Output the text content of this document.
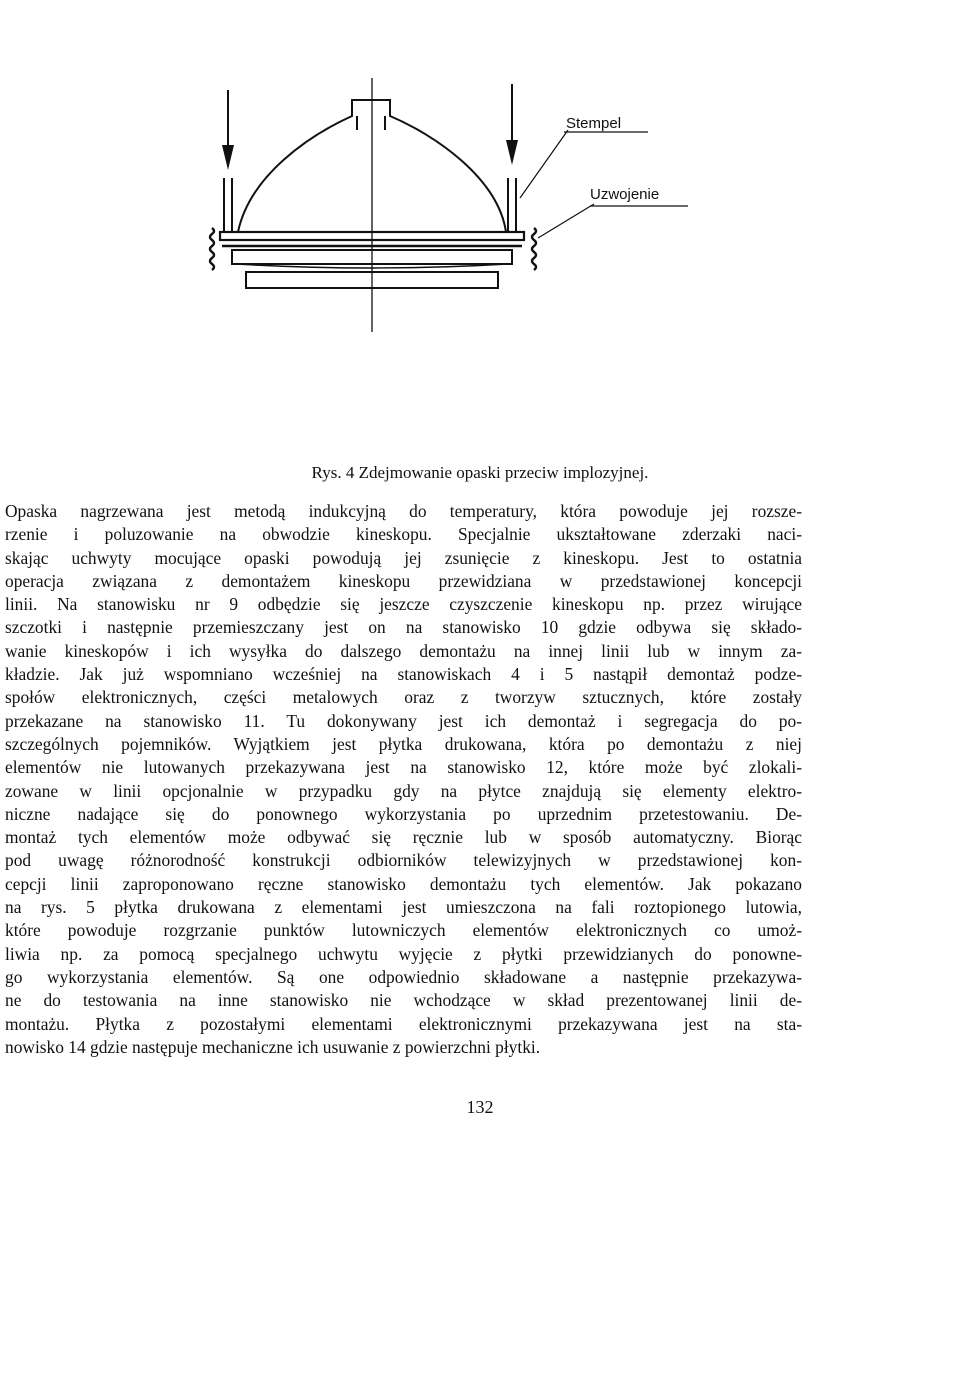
Stempel
Uzwojenie
Rys. 4 Zdejmowanie opaski przeciw implozyjnej.
Opaska nagrzewana jest metodą indukcyjną do temperatury, która powoduje jej rozsze-
rzenie i poluzowanie na obwodzie kineskopu. Specjalnie ukształtowane zderzaki naci-
skając uchwyty mocujące opaski powodują jej zsunięcie z kineskopu. Jest to ostatnia
operacja związana z demontażem kineskopu przewidziana w przedstawionej koncepcji
linii. Na stanowisku nr 9 odbędzie się jeszcze czyszczenie kineskopu np. przez wirujące
szczotki i następnie przemieszczany jest on na stanowisko 10 gdzie odbywa się składo-
wanie kineskopów i ich wysyłka do dalszego demontażu na innej linii lub w innym za-
kładzie. Jak już wspomniano wcześniej na stanowiskach 4 i 5 nastąpił demontaż podze-
społów elektronicznych, części metalowych oraz z tworzyw sztucznych, które zostały
przekazane na stanowisko 11. Tu dokonywany jest ich demontaż i segregacja do po-
szczególnych pojemników. Wyjątkiem jest płytka drukowana, która po demontażu z niej
elementów nie lutowanych przekazywana jest na stanowisko 12, które może być zlokali-
zowane w linii opcjonalnie w przypadku gdy na płytce znajdują się elementy elektro-
niczne nadające się do ponownego wykorzystania po uprzednim przetestowaniu. De-
montaż tych elementów może odbywać się ręcznie lub w sposób automatyczny. Biorąc
pod uwagę różnorodność konstrukcji odbiorników telewizyjnych w przedstawionej kon-
cepcji linii zaproponowano ręczne stanowisko demontażu tych elementów. Jak pokazano
na rys. 5 płytka drukowana z elementami jest umieszczona na fali roztopionego lutowia,
które powoduje rozgrzanie punktów lutowniczych elementów elektronicznych co umoż-
liwia np. za pomocą specjalnego uchwytu wyjęcie z płytki przewidzianych do ponowne-
go wykorzystania elementów. Są one odpowiednio składowane a następnie przekazywa-
ne do testowania na inne stanowisko nie wchodzące w skład prezentowanej linii de-
montażu. Płytka z pozostałymi elementami elektronicznymi przekazywana jest na sta-
nowisko 14 gdzie następuje mechaniczne ich usuwanie z powierzchni płytki.
132
